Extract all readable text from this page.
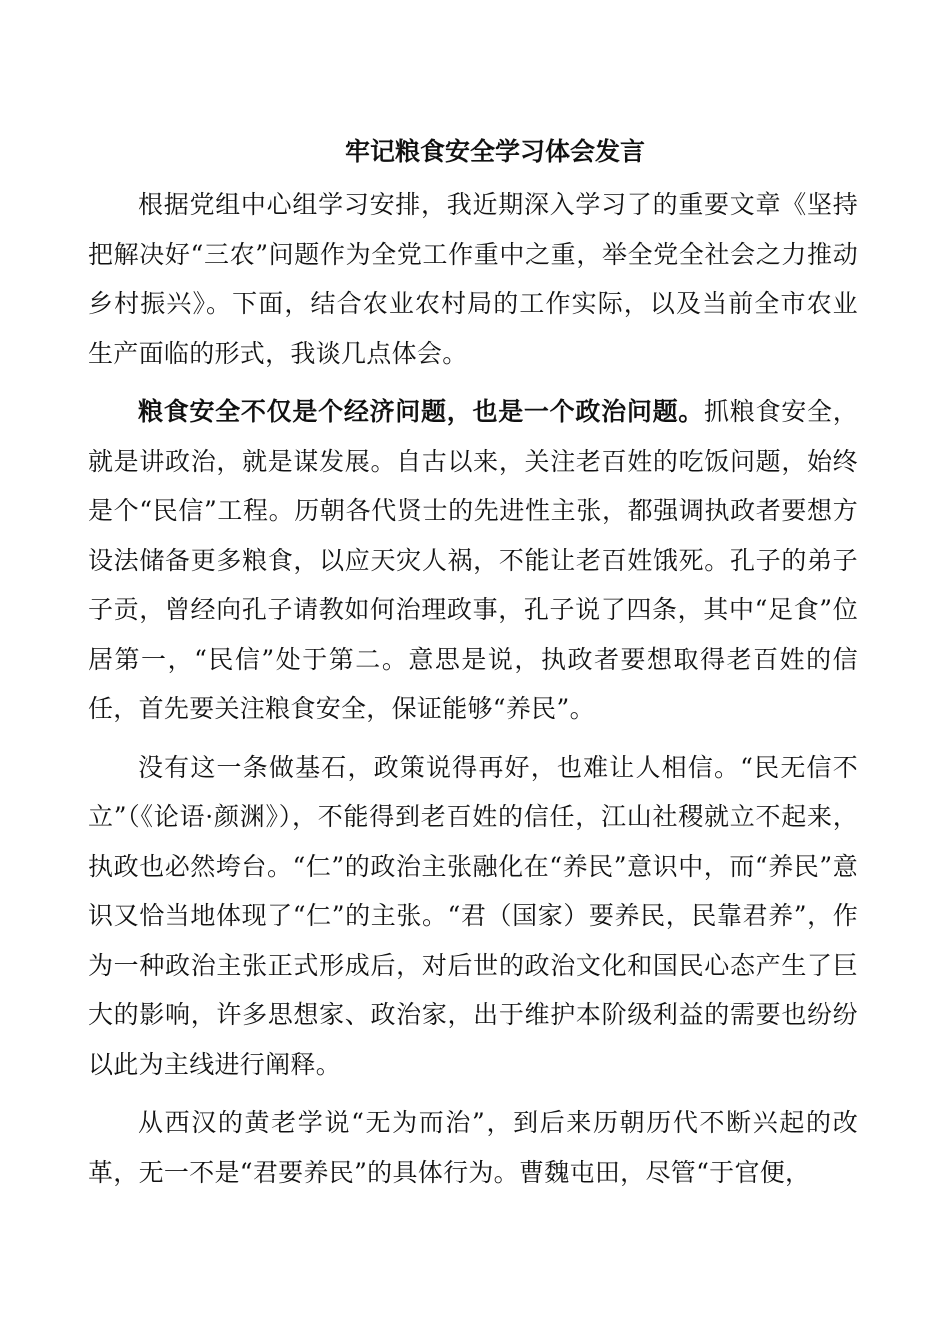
牢记粮食安全学习体会发言

根据党组中心组学习安排，我近期深入学习了的重要文章《坚持把解决好“三农”问题作为全党工作重中之重，举全党全社会之力推动乡村振兴》。下面，结合农业农村局的工作实际，以及当前全市农业生产面临的形式，我谈几点体会。

粮食安全不仅是个经济问题，也是一个政治问题。抓粮食安全，就是讲政治，就是谋发展。自古以来，关注老百姓的吃饭问题，始终是个“民信”工程。历朝各代贤士的先进性主张，都强调执政者要想方设法储备更多粮食，以应天灾人祸，不能让老百姓饿死。孔子的弟子子贡，曾经向孔子请教如何治理政事，孔子说了四条，其中“足食”位居第一，“民信”处于第二。意思是说，执政者要想取得老百姓的信任，首先要关注粮食安全，保证能够“养民”。

没有这一条做基石，政策说得再好，也难让人相信。“民无信不立”（《论语·颜渊》），不能得到老百姓的信任，江山社稷就立不起来，执政也必然垮台。“仁”的政治主张融化在“养民”意识中，而“养民”意识又恰当地体现了“仁”的主张。“君（国家）要养民，民靠君养”，作为一种政治主张正式形成后，对后世的政治文化和国民心态产生了巨大的影响，许多思想家、政治家，出于维护本阶级利益的需要也纷纷以此为主线进行阐释。

从西汉的黄老学说“无为而治”，到后来历朝历代不断兴起的改革，无一不是“君要养民”的具体行为。曹魏屯田，尽管“于官便，
